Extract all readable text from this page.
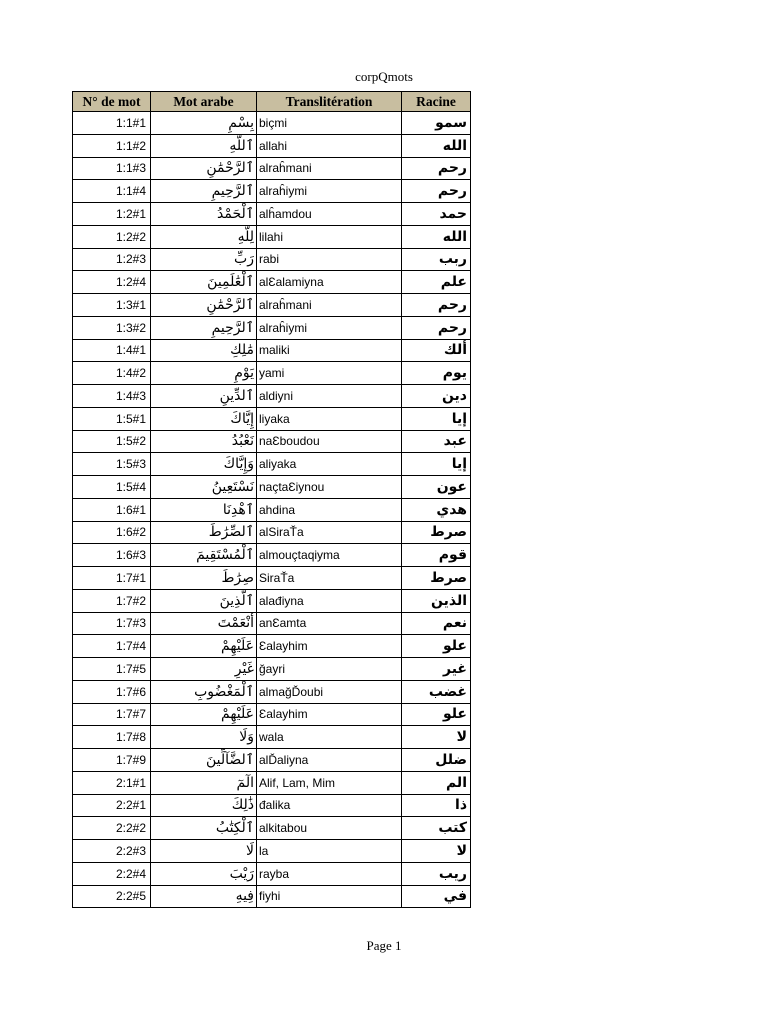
corpQmots
N° de mot	Mot arabe	Translitération	Racine
1:1#1	بِسْمِ	biçmi	سمو
1:1#2	ٱللَّهِ	allahi	الله
1:1#3	ٱلرَّحْمَٰنِ	alraĥmani	رحم
1:1#4	ٱلرَّحِيمِ	alraĥiymi	رحم
1:2#1	ٱلْحَمْدُ	alĥamdou	حمد
1:2#2	لِلَّهِ	lilahi	الله
1:2#3	رَبِّ	rabi	ربب
1:2#4	ٱلْعَٰلَمِينَ	alƐalamiyna	علم
1:3#1	ٱلرَّحْمَٰنِ	alraĥmani	رحم
1:3#2	ٱلرَّحِيمِ	alraĥiymi	رحم
1:4#1	مَٰلِكِ	maliki	ألك
1:4#2	يَوْمِ	yami	يوم
1:4#3	ٱلدِّينِ	aldiyni	دين
1:5#1	إِيَّاكَ	liyaka	إيا
1:5#2	نَعْبُدُ	naƐboudou	عبد
1:5#3	وَإِيَّاكَ	aliyaka	إيا
1:5#4	نَسْتَعِينُ	naçtaƐiynou	عون
1:6#1	ٱهْدِنَا	ahdina	هدي
1:6#2	ٱلصِّرَٰطَ	alSiraŤa	صرط
1:6#3	ٱلْمُسْتَقِيمَ	almouçtaqiyma	قوم
1:7#1	صِرَٰطَ	SiraŤa	صرط
1:7#2	ٱلَّذِينَ	alađiyna	الذين
1:7#3	أَنْعَمْتَ	anƐamta	نعم
1:7#4	عَلَيْهِمْ	Ɛalayhim	علو
1:7#5	غَيْرِ	ğayri	غير
1:7#6	ٱلْمَغْضُوبِ	almağĎoubi	غضب
1:7#7	عَلَيْهِمْ	Ɛalayhim	علو
1:7#8	وَلَا	wala	لا
1:7#9	ٱلضَّآلِّينَ	alĎaliyna	ضلل
2:1#1	الٓمٓ	Alif, Lam, Mim	الم
2:2#1	ذَٰلِكَ	đalika	ذا
2:2#2	ٱلْكِتَٰبُ	alkitabou	كتب
2:2#3	لَا	la	لا
2:2#4	رَيْبَ	rayba	ريب
2:2#5	فِيهِ	fiyhi	في
Page 1
